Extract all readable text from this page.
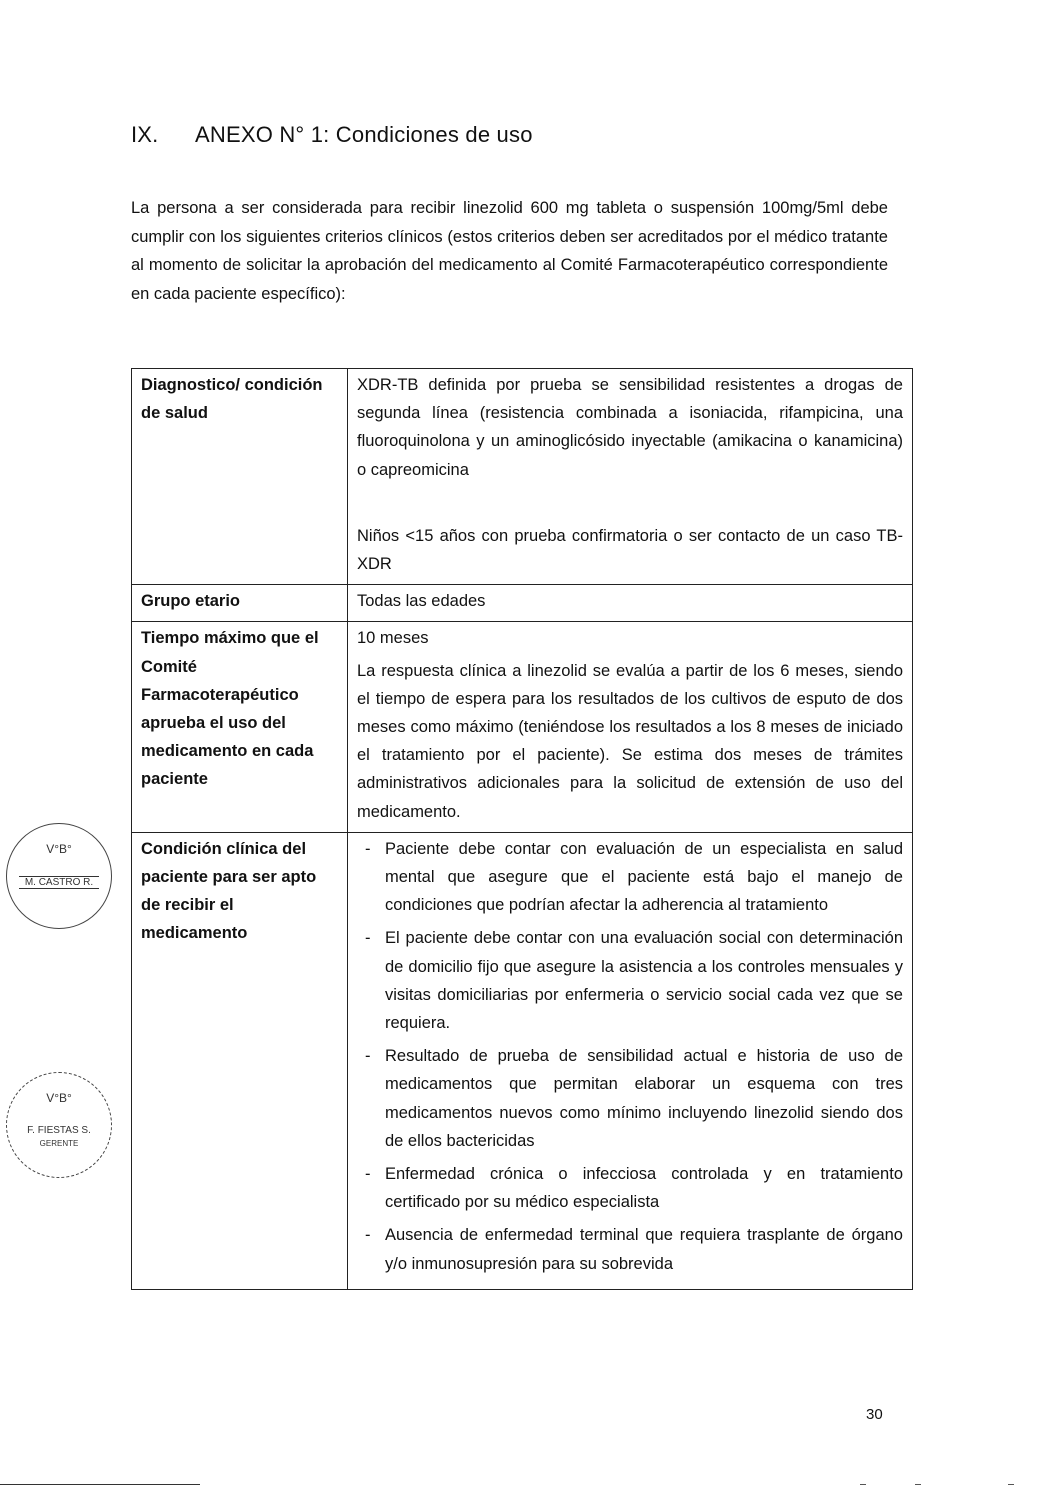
IX. ANEXO N° 1: Condiciones de uso

La persona a ser considerada para recibir linezolid 600 mg tableta o suspensión 100mg/5ml debe cumplir con los siguientes criterios clínicos (estos criterios deben ser acreditados por el médico tratante al momento de solicitar la aprobación del medicamento al Comité Farmacoterapéutico correspondiente en cada paciente específico):

Diagnostico/ condición de salud	XDR-TB definida por prueba se sensibilidad resistentes a drogas de segunda línea (resistencia combinada a isoniacida, rifampicina, una fluoroquinolona y un aminoglicósido inyectable (amikacina o kanamicina) o capreomicina

Niños <15 años con prueba confirmatoria o ser contacto de un caso TB-XDR

Grupo etario	Todas las edades

Tiempo máximo que el Comité Farmacoterapéutico aprueba el uso del medicamento en cada paciente	10 meses

La respuesta clínica a linezolid se evalúa a partir de los 6 meses, siendo el tiempo de espera para los resultados de los cultivos de esputo de dos meses como máximo (teniéndose los resultados a los 8 meses de iniciado el tratamiento por el paciente). Se estima dos meses de trámites administrativos adicionales para la solicitud de extensión de uso del medicamento.

Condición clínica del paciente para ser apto de recibir el medicamento	
- Paciente debe contar con evaluación de un especialista en salud mental que asegure que el paciente está bajo el manejo de condiciones que podrían afectar la adherencia al tratamiento
- El paciente debe contar con una evaluación social con determinación de domicilio fijo que asegure la asistencia a los controles mensuales y visitas domiciliarias por enfermeria o servicio social cada vez que se requiera.
- Resultado de prueba de sensibilidad actual e historia de uso de medicamentos que permitan elaborar un esquema con tres medicamentos nuevos como mínimo incluyendo linezolid siendo dos de ellos bactericidas
- Enfermedad crónica o infecciosa controlada y en tratamiento certificado por su médico especialista
- Ausencia de enfermedad terminal que requiera trasplante de órgano y/o inmunosupresión para su sobrevida
V°B°
M. CASTRO R.
V°B°
F. FIESTAS S.
GERENTE
30
